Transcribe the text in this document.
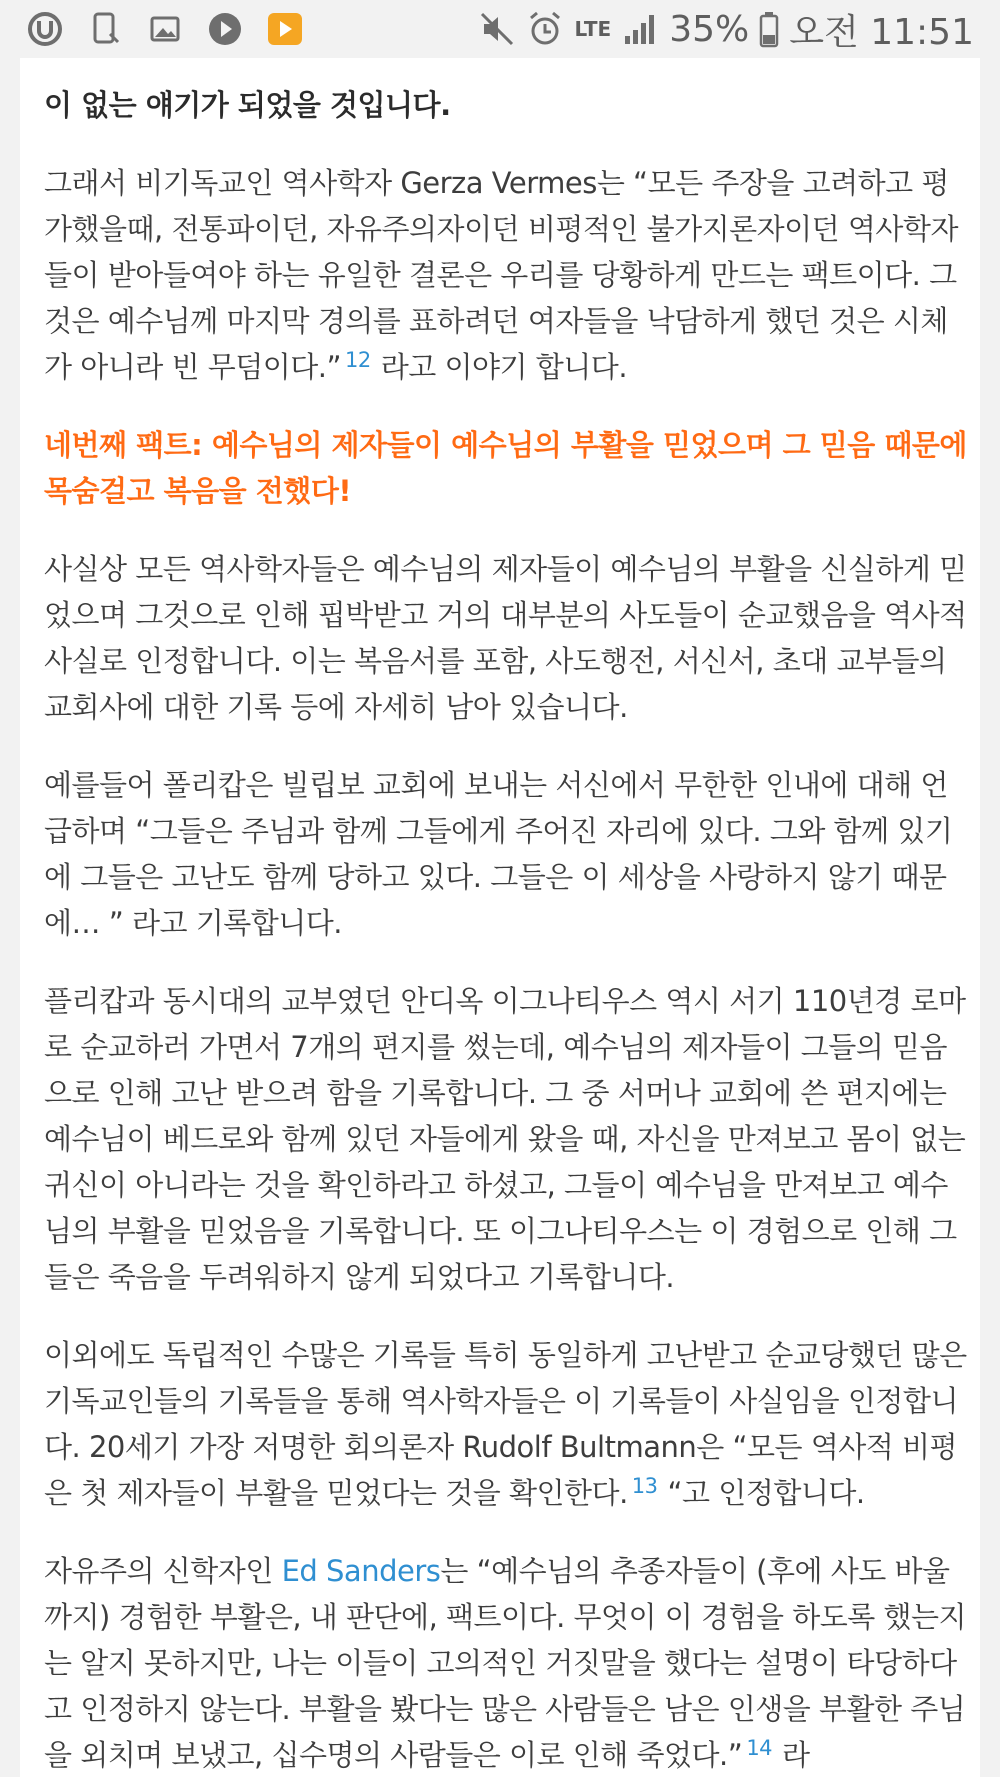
LTE 35% 오전 11:51

이 없는 얘기가 되었을 것입니다.

그래서 비기독교인 역사학자 Gerza Vermes는 “모든 주장을 고려하고 평가했을때, 전통파이던, 자유주의자이던 비평적인 불가지론자이던 역사학자들이 받아들여야 하는 유일한 결론은 우리를 당황하게 만드는 팩트이다. 그것은 예수님께 마지막 경의를 표하려던 여자들을 낙담하게 했던 것은 시체가 아니라 빈 무덤이다.” $^{12}$ 라고 이야기 합니다.

네번째 팩트: 예수님의 제자들이 예수님의 부활을 믿었으며 그 믿음 때문에 목숨걸고 복음을 전했다!

사실상 모든 역사학자들은 예수님의 제자들이 예수님의 부활을 신실하게 믿었으며 그것으로 인해 핍박받고 거의 대부분의 사도들이 순교했음을 역사적 사실로 인정합니다. 이는 복음서를 포함, 사도행전, 서신서, 초대 교부들의 교회사에 대한 기록 등에 자세히 남아 있습니다.

예를들어 폴리캅은 빌립보 교회에 보내는 서신에서 무한한 인내에 대해 언급하며 “그들은 주님과 함께 그들에게 주어진 자리에 있다. 그와 함께 있기에 그들은 고난도 함께 당하고 있다. 그들은 이 세상을 사랑하지 않기 때문에… ” 라고 기록합니다.

플리캅과 동시대의 교부였던 안디옥 이그나티우스 역시 서기 110년경 로마로 순교하러 가면서 7개의 편지를 썼는데, 예수님의 제자들이 그들의 믿음으로 인해 고난 받으려 함을 기록합니다. 그 중 서머나 교회에 쓴 편지에는 예수님이 베드로와 함께 있던 자들에게 왔을 때, 자신을 만져보고 몸이 없는 귀신이 아니라는 것을 확인하라고 하셨고, 그들이 예수님을 만져보고 예수님의 부활을 믿었음을 기록합니다. 또 이그나티우스는 이 경험으로 인해 그들은 죽음을 두려워하지 않게 되었다고 기록합니다.

이외에도 독립적인 수많은 기록들 특히 동일하게 고난받고 순교당했던 많은 기독교인들의 기록들을 통해 역사학자들은 이 기록들이 사실임을 인정합니다. 20세기 가장 저명한 회의론자 Rudolf Bultmann은 “모든 역사적 비평은 첫 제자들이 부활을 믿었다는 것을 확인한다. $^{13}$ “고 인정합니다.

자유주의 신학자인 Ed Sanders는 “예수님의 추종자들이 (후에 사도 바울까지) 경험한 부활은, 내 판단에, 팩트이다. 무엇이 이 경험을 하도록 했는지는 알지 못하지만, 나는 이들이 고의적인 거짓말을 했다는 설명이 타당하다고 인정하지 않는다. 부활을 봤다는 많은 사람들은 남은 인생을 부활한 주님을 외치며 보냈고, 십수명의 사람들은 이로 인해 죽었다.” $^{14}$ 라
